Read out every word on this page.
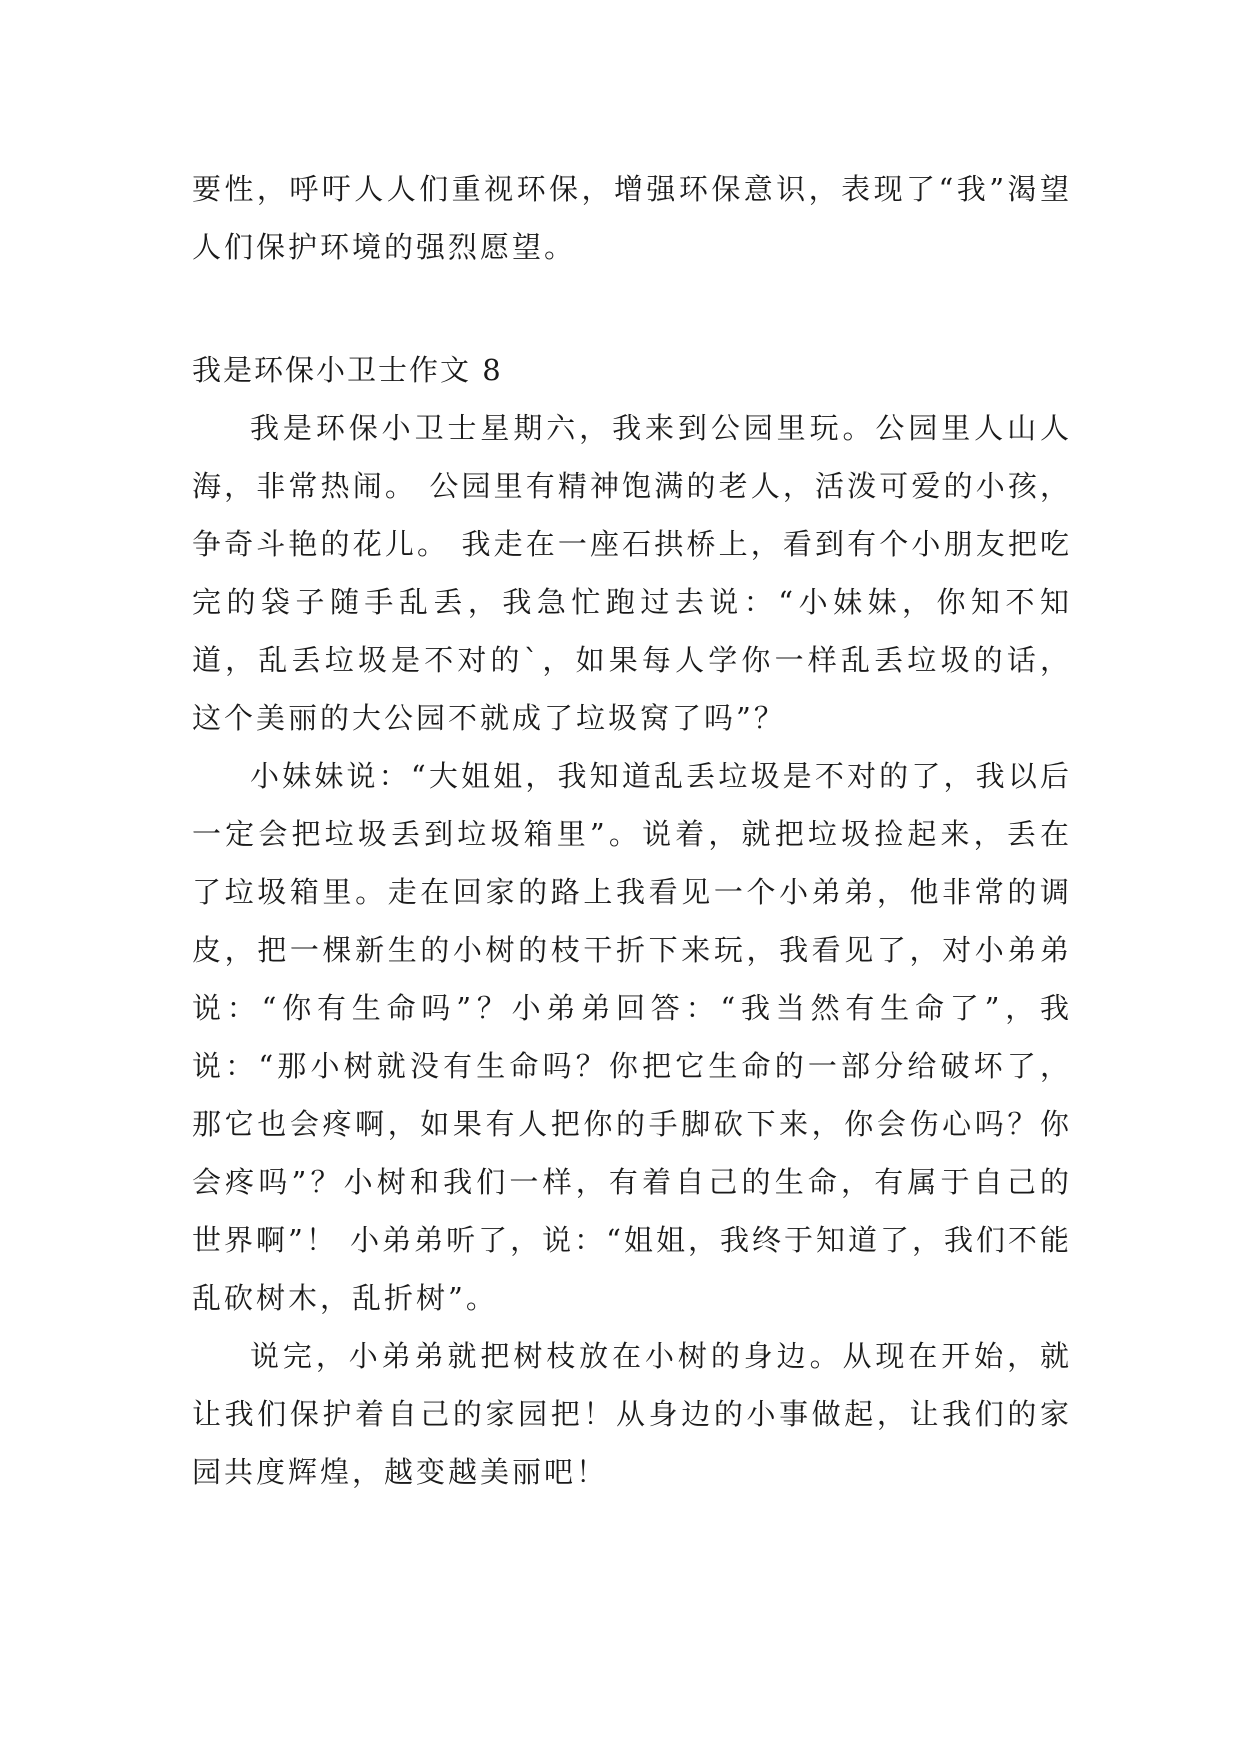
要性，呼吁人人们重视环保，增强环保意识，表现了“我”渴望人们保护环境的强烈愿望。

我是环保小卫士作文 8

我是环保小卫士星期六，我来到公园里玩。公园里人山人海，非常热闹。 公园里有精神饱满的老人，活泼可爱的小孩，争奇斗艳的花儿。 我走在一座石拱桥上，看到有个小朋友把吃完的袋子随手乱丢，我急忙跑过去说：“小妹妹，你知不知道，乱丢垃圾是不对的`，如果每人学你一样乱丢垃圾的话，这个美丽的大公园不就成了垃圾窝了吗”？

小妹妹说：“大姐姐，我知道乱丢垃圾是不对的了，我以后一定会把垃圾丢到垃圾箱里”。说着，就把垃圾捡起来，丢在了垃圾箱里。走在回家的路上我看见一个小弟弟，他非常的调皮，把一棵新生的小树的枝干折下来玩，我看见了，对小弟弟说：“你有生命吗”？小弟弟回答：“我当然有生命了”，我说：“那小树就没有生命吗？你把它生命的一部分给破坏了，那它也会疼啊，如果有人把你的手脚砍下来，你会伤心吗？你会疼吗”？小树和我们一样，有着自己的生命，有属于自己的世界啊”！ 小弟弟听了，说：“姐姐，我终于知道了，我们不能乱砍树木，乱折树”。

说完，小弟弟就把树枝放在小树的身边。从现在开始，就让我们保护着自己的家园把！从身边的小事做起，让我们的家园共度辉煌，越变越美丽吧！
